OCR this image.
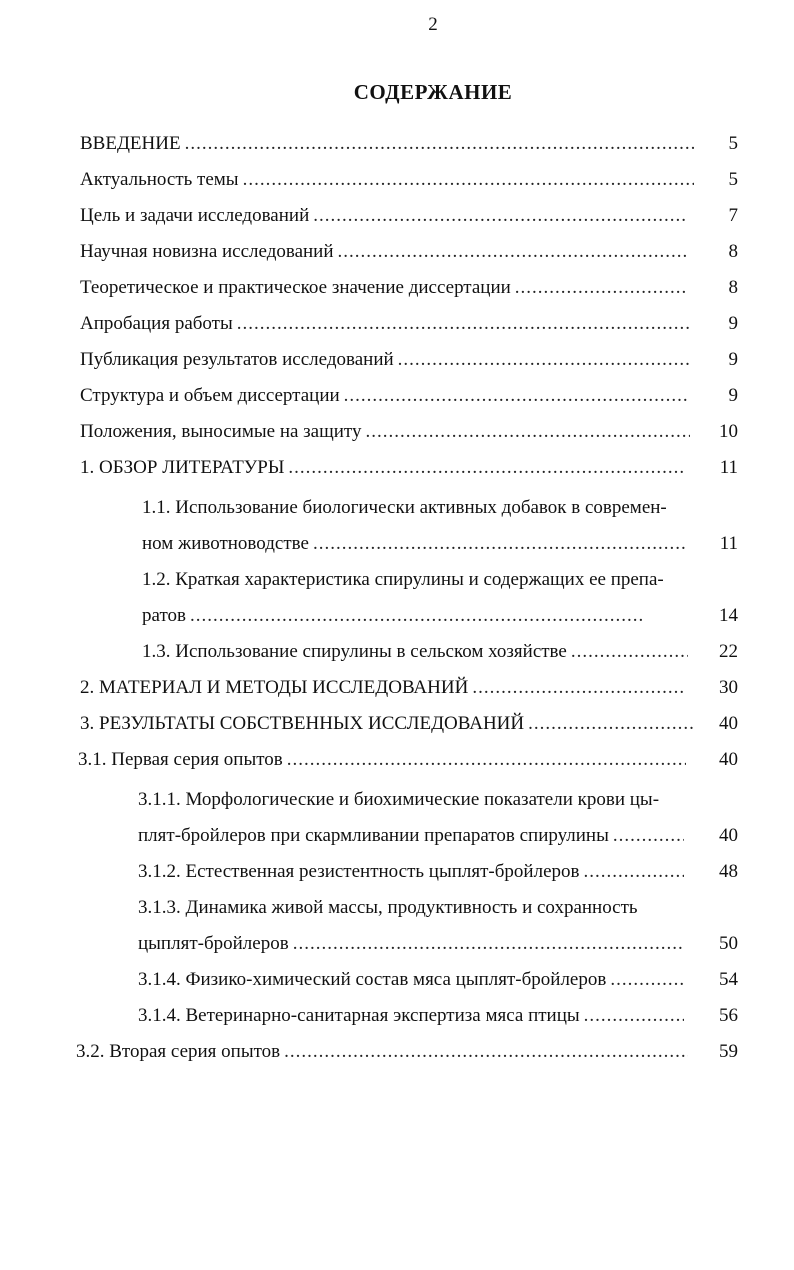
2
СОДЕРЖАНИЕ
ВВЕДЕНИЕ .....	5
Актуальность темы .....	5
Цель и задачи исследований .....	7
Научная новизна исследований .....	8
Теоретическое и практическое значение диссертации .....	8
Апробация работы .....	9
Публикация результатов исследований .....	9
Структура и объем диссертации .....	9
Положения, выносимые на защиту .....	10
1. ОБЗОР ЛИТЕРАТУРЫ .....	11
1.1. Использование биологически активных добавок в современ-
ном животноводстве .....	11
1.2. Краткая характеристика спирулины и содержащих ее препа-
ратов .....	14
1.3. Использование спирулины в сельском хозяйстве .....	22
2. МАТЕРИАЛ И МЕТОДЫ ИССЛЕДОВАНИЙ .....	30
3. РЕЗУЛЬТАТЫ СОБСТВЕННЫХ ИССЛЕДОВАНИЙ .....	40
3.1. Первая серия опытов .....	40
3.1.1. Морфологические и биохимические показатели крови цы-
плят-бройлеров при скармливании препаратов спирулины .....	40
3.1.2. Естественная резистентность цыплят-бройлеров .....	48
3.1.3. Динамика живой массы, продуктивность и сохранность
цыплят-бройлеров .....	50
3.1.4. Физико-химический состав мяса цыплят-бройлеров .....	54
3.1.4. Ветеринарно-санитарная экспертиза мяса птицы .....	56
3.2. Вторая серия опытов .....	59
